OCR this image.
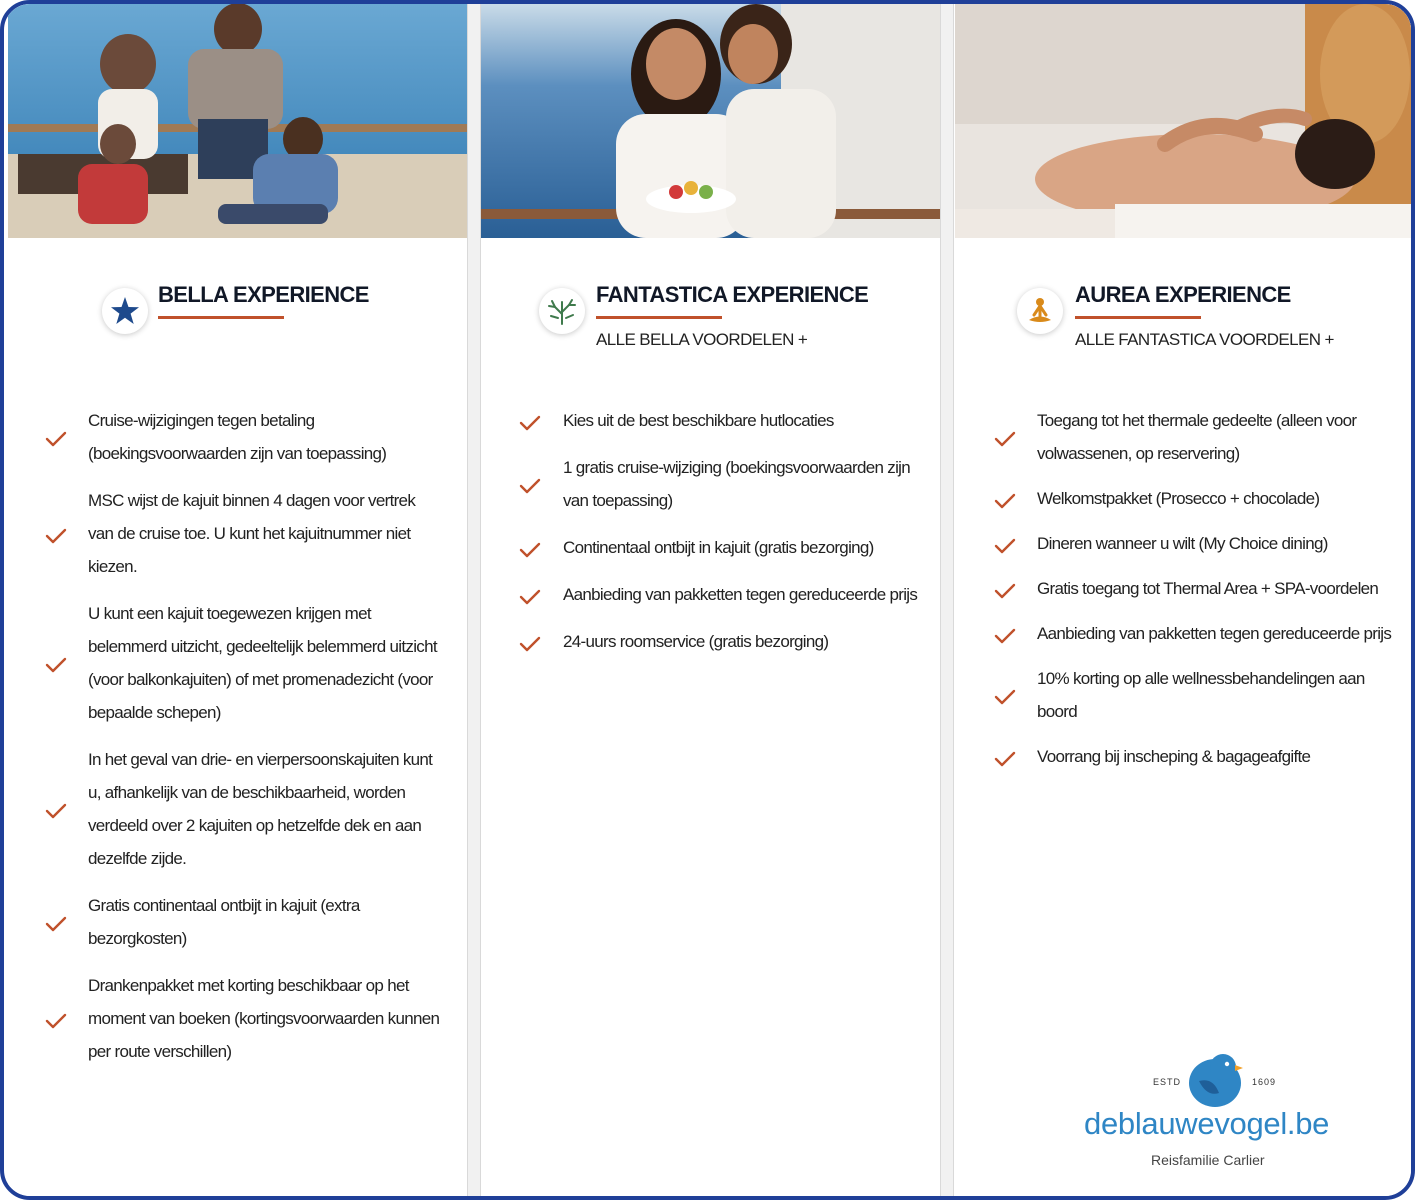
BELLA EXPERIENCE
Cruise-wijzigingen tegen betaling (boekingsvoorwaarden zijn van toepassing)
MSC wijst de kajuit binnen 4 dagen voor vertrek van de cruise toe. U kunt het kajuitnummer niet kiezen.
U kunt een kajuit toegewezen krijgen met belemmerd uitzicht, gedeeltelijk belemmerd uitzicht (voor balkonkajuiten) of met promenadezicht (voor bepaalde schepen)
In het geval van drie- en vierpersoonskajuiten kunt u, afhankelijk van de beschikbaarheid, worden verdeeld over 2 kajuiten op hetzelfde dek en aan dezelfde zijde.
Gratis continentaal ontbijt in kajuit (extra bezorgkosten)
Drankenpakket met korting beschikbaar op het moment van boeken (kortingsvoorwaarden kunnen per route verschillen)
FANTASTICA EXPERIENCE
ALLE BELLA VOORDELEN +
Kies uit de best beschikbare hutlocaties
1 gratis cruise-wijziging (boekingsvoorwaarden zijn van toepassing)
Continentaal ontbijt in kajuit (gratis bezorging)
Aanbieding van pakketten tegen gereduceerde prijs
24-uurs roomservice (gratis bezorging)
AUREA EXPERIENCE
ALLE FANTASTICA VOORDELEN +
Toegang tot het thermale gedeelte (alleen voor volwassenen, op reservering)
Welkomstpakket (Prosecco + chocolade)
Dineren wanneer u wilt (My Choice dining)
Gratis toegang tot Thermal Area + SPA-voordelen
Aanbieding van pakketten tegen gereduceerde prijs
10% korting op alle wellnessbehandelingen aan boord
Voorrang bij inscheping & bagageafgifte
ESTD	1609
deblauwevogel.be
Reisfamilie Carlier
